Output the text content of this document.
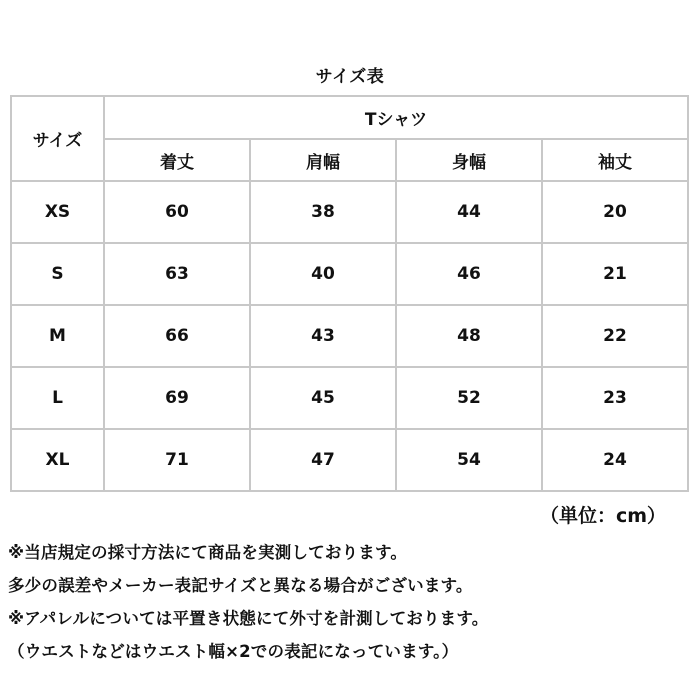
サイズ表
サイズ	Tシャツ			
	着丈	肩幅	身幅	袖丈
XS	60	38	44	20
S	63	40	46	21
M	66	43	48	22
L	69	45	52	23
XL	71	47	54	24
（単位：cm）
※当店規定の採寸方法にて商品を実測しております。
多少の誤差やメーカー表記サイズと異なる場合がございます。
※アパレルについては平置き状態にて外寸を計測しております。
（ウエストなどはウエスト幅×2での表記になっています。）
